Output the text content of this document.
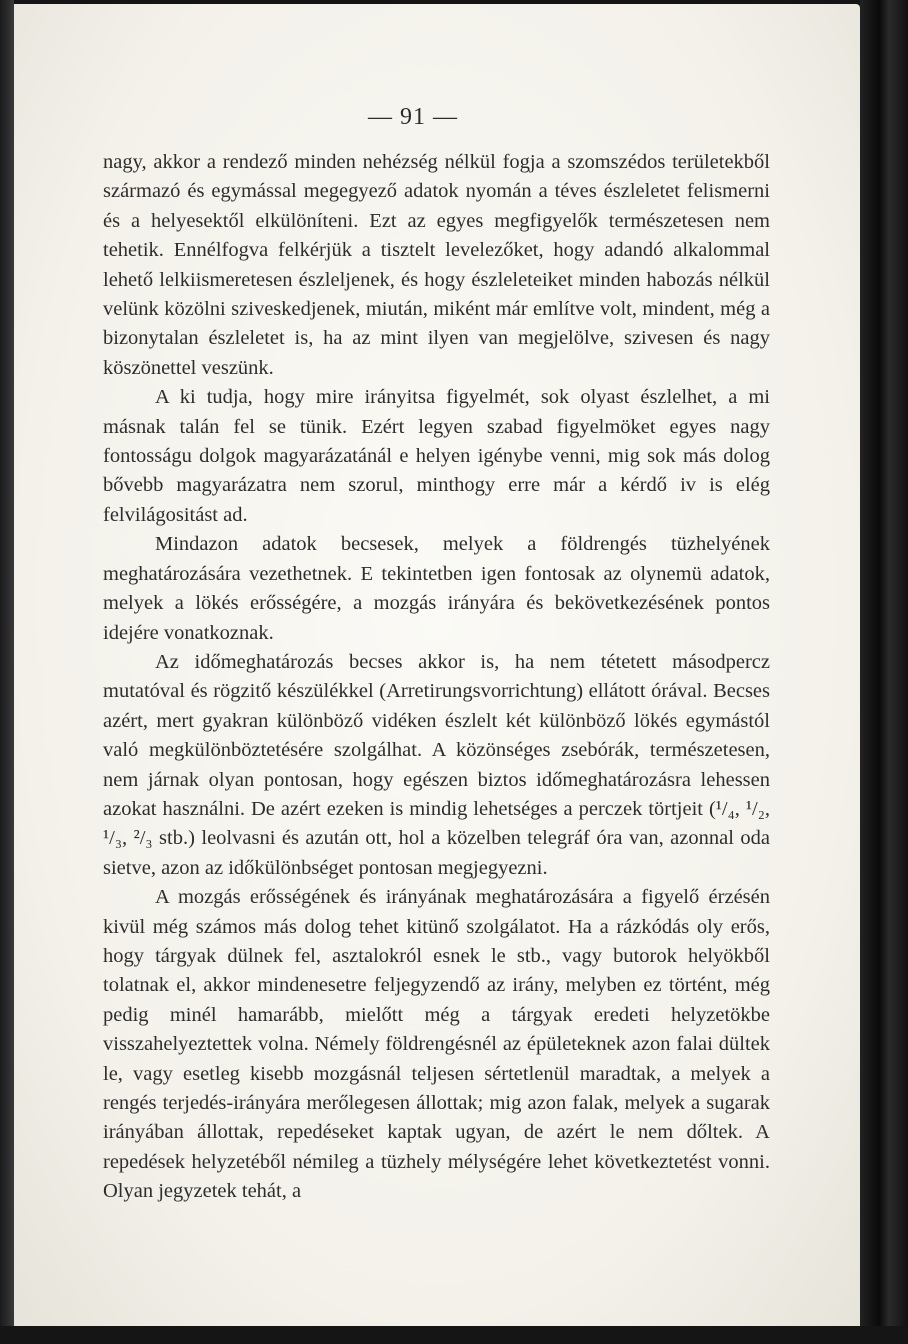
— 91 —

nagy, akkor a rendező minden nehézség nélkül fogja a szomszédos területekből származó és egymással megegyező adatok nyomán a téves észleletet felismerni és a helyesektől elkülöníteni. Ezt az egyes megfigyelők természetesen nem tehetik. Ennélfogva felkérjük a tisztelt levelezőket, hogy adandó alkalommal lehető lelkiismeretesen észleljenek, és hogy észleleteiket minden habozás nélkül velünk közölni sziveskedjenek, miután, miként már említve volt, mindent, még a bizonytalan észleletet is, ha az mint ilyen van megjelölve, szivesen és nagy köszönettel veszünk.

A ki tudja, hogy mire irányitsa figyelmét, sok olyast észlelhet, a mi másnak talán fel se tünik. Ezért legyen szabad figyelmöket egyes nagy fontosságu dolgok magyarázatánál e helyen igénybe venni, mig sok más dolog bővebb magyarázatra nem szorul, minthogy erre már a kérdő iv is elég felvilágositást ad.

Mindazon adatok becsesek, melyek a földrengés tüzhelyének meghatározására vezethetnek. E tekintetben igen fontosak az olynemü adatok, melyek a lökés erősségére, a mozgás irányára és bekövetkezésének pontos idejére vonatkoznak.

Az időmeghatározás becses akkor is, ha nem tétetett másodpercz mutatóval és rögzitő készülékkel (Arretirungsvorrichtung) ellátott órával. Becses azért, mert gyakran különböző vidéken észlelt két különböző lökés egymástól való megkülönböztetésére szolgálhat. A közönséges zsebórák, természetesen, nem járnak olyan pontosan, hogy egészen biztos időmeghatározásra lehessen azokat használni. De azért ezeken is mindig lehetséges a perczek törtjeit (¹/₄, ¹/₂, ¹/₃, ²/₃ stb.) leolvasni és azután ott, hol a közelben telegráf óra van, azonnal oda sietve, azon az időkülönbséget pontosan megjegyezni.

A mozgás erősségének és irányának meghatározására a figyelő érzésén kivül még számos más dolog tehet kitünő szolgálatot. Ha a rázkódás oly erős, hogy tárgyak dülnek fel, asztalokról esnek le stb., vagy butorok helyökből tolatnak el, akkor mindenesetre feljegyzendő az irány, melyben ez történt, még pedig minél hamarább, mielőtt még a tárgyak eredeti helyzetökbe visszahelyeztettek volna. Némely földrengésnél az épületeknek azon falai dültek le, vagy esetleg kisebb mozgásnál teljesen sértetlenül maradtak, a melyek a rengés terjedés-irányára merőlegesen állottak; mig azon falak, melyek a sugarak irányában állottak, repedéseket kaptak ugyan, de azért le nem dőltek. A repedések helyzetéből némileg a tüzhely mélységére lehet következtetést vonni. Olyan jegyzetek tehát, a
